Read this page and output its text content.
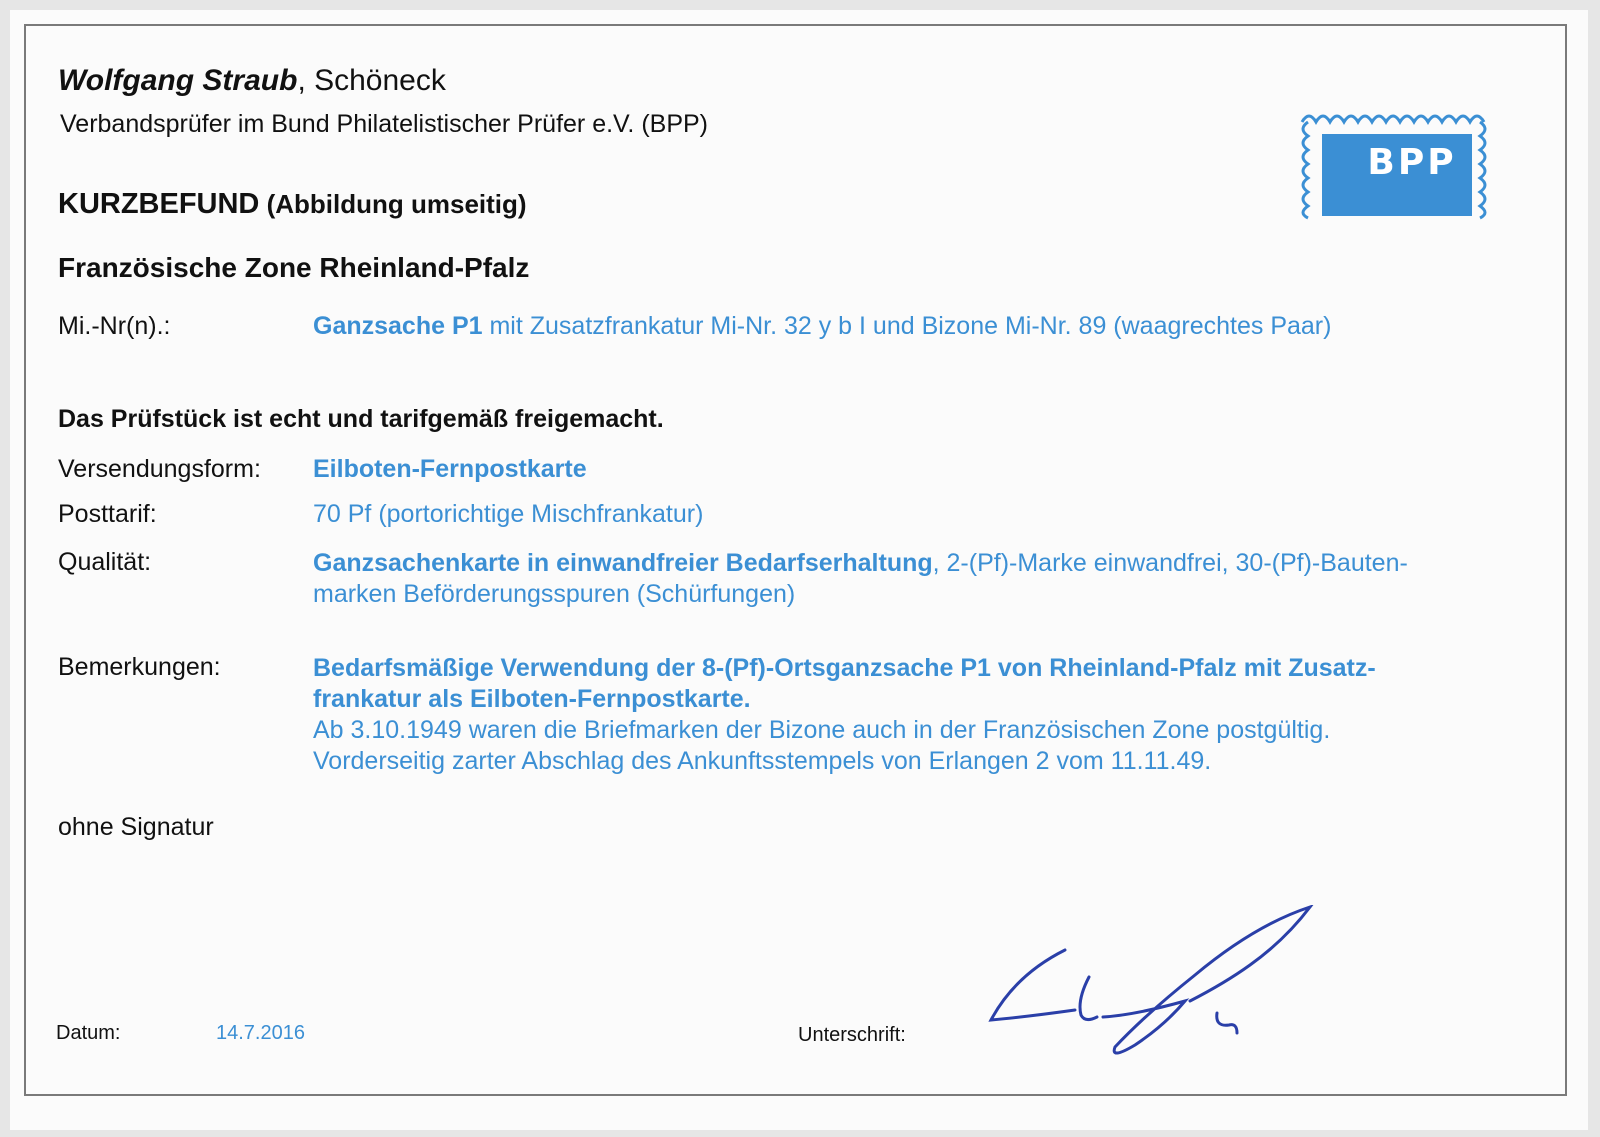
Wolfgang Straub, Schöneck
Verbandsprüfer im Bund Philatelistischer Prüfer e.V. (BPP)
BPP
KURZBEFUND (Abbildung umseitig)
Französische Zone Rheinland-Pfalz
Mi.-Nr(n).:	Ganzsache P1 mit Zusatzfrankatur Mi-Nr. 32 y b I und Bizone Mi-Nr. 89 (waagrechtes Paar)
Das Prüfstück ist echt und tarifgemäß freigemacht.
Versendungsform: Eilboten-Fernpostkarte
Posttarif:	70 Pf (portorichtige Mischfrankatur)
Qualität:	Ganzsachenkarte in einwandfreier Bedarfserhaltung, 2-(Pf)-Marke einwandfrei, 30-(Pf)-Bauten-
marken Beförderungsspuren (Schürfungen)
Bemerkungen:	Bedarfsmäßige Verwendung der 8-(Pf)-Ortsganzsache P1 von Rheinland-Pfalz mit Zusatz-
frankatur als Eilboten-Fernpostkarte.
Ab 3.10.1949 waren die Briefmarken der Bizone auch in der Französischen Zone postgültig.
Vorderseitig zarter Abschlag des Ankunftsstempels von Erlangen 2 vom 11.11.49.
ohne Signatur
Datum:	14.7.2016	Unterschrift:
